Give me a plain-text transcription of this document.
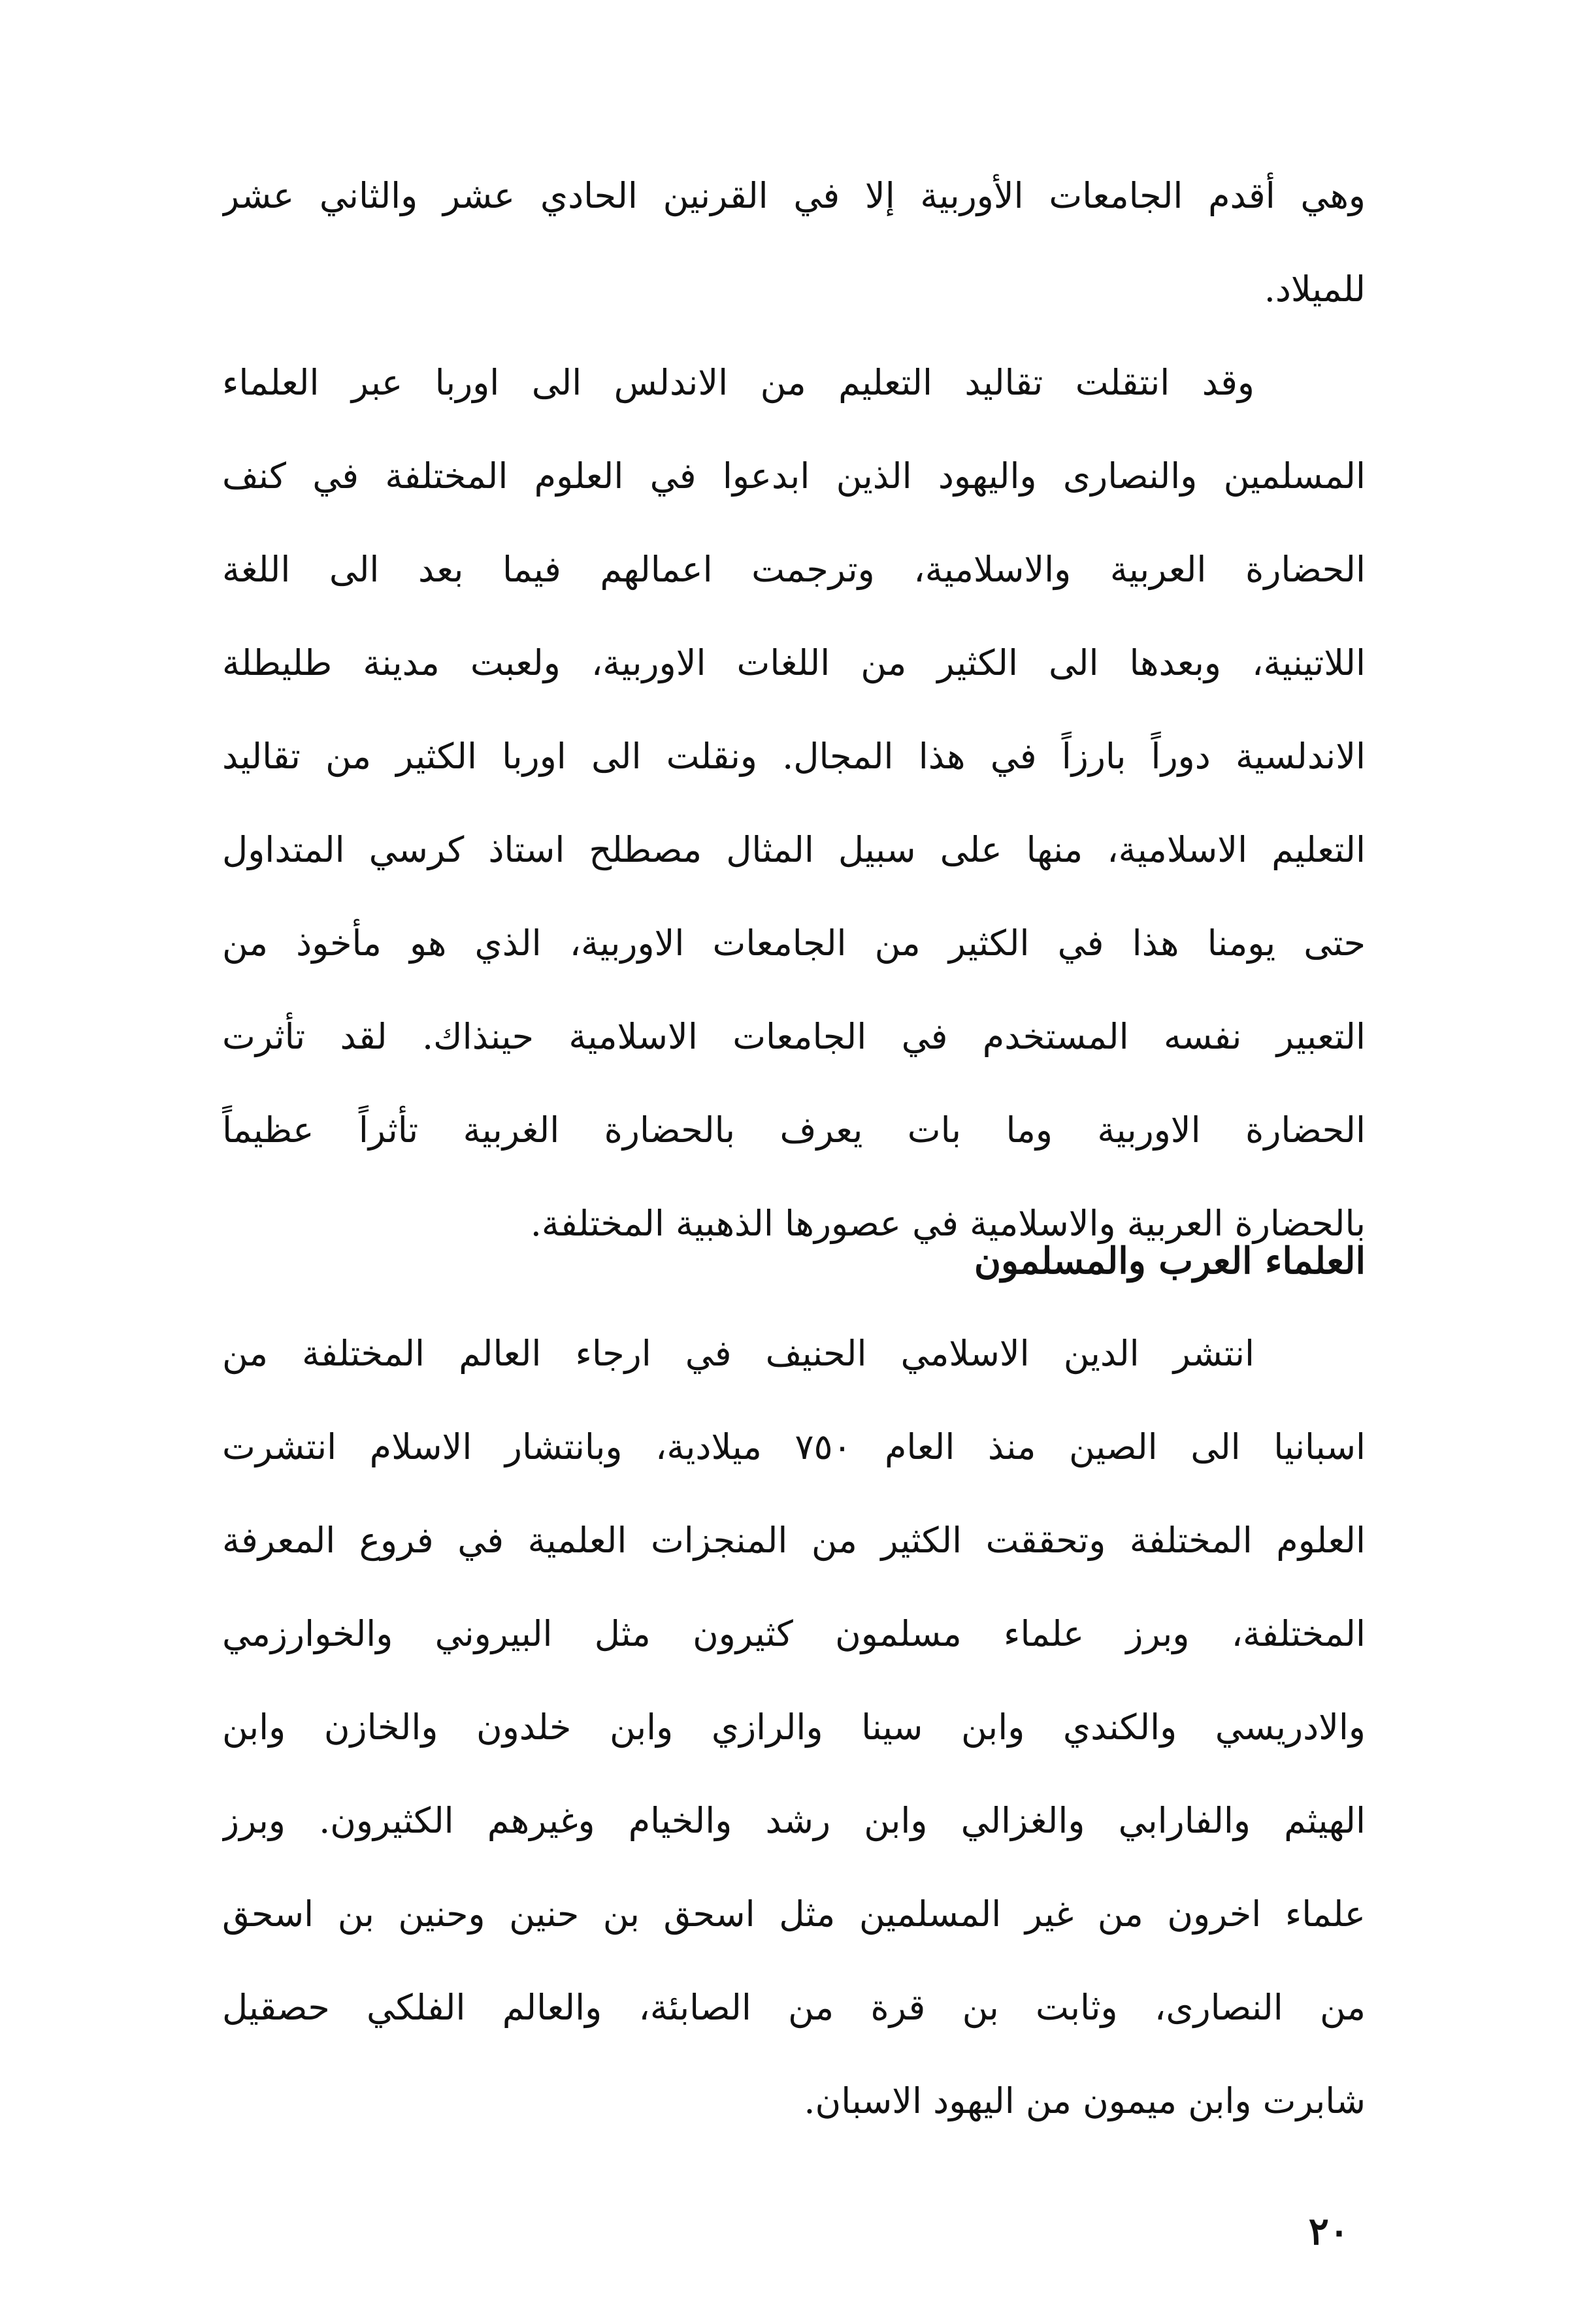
وهي أقدم الجامعات الأوربية إلا في القرنين الحادي عشر والثاني عشر
للميلاد.
وقد انتقلت تقاليد التعليم من الاندلس الى اوربا عبر العلماء
المسلمين والنصارى واليهود الذين ابدعوا في العلوم المختلفة في كنف
الحضارة العربية والاسلامية، وترجمت اعمالهم فيما بعد الى اللغة
اللاتينية، وبعدها الى الكثير من اللغات الاوربية، ولعبت مدينة طليطلة
الاندلسية دوراً بارزاً في هذا المجال. ونقلت الى اوربا الكثير من تقاليد
التعليم الاسلامية، منها على سبيل المثال مصطلح استاذ كرسي المتداول
حتى يومنا هذا في الكثير من الجامعات الاوربية، الذي هو مأخوذ من
التعبير نفسه المستخدم في الجامعات الاسلامية حينذاك. لقد تأثرت
الحضارة الاوربية وما بات يعرف بالحضارة الغربية تأثراً عظيماً
بالحضارة العربية والاسلامية في عصورها الذهبية المختلفة.
العلماء العرب والمسلمون
انتشر الدين الاسلامي الحنيف في ارجاء العالم المختلفة من
اسبانيا الى الصين منذ العام ٧٥٠ ميلادية، وبانتشار الاسلام انتشرت
العلوم المختلفة وتحققت الكثير من المنجزات العلمية في فروع المعرفة
المختلفة، وبرز علماء مسلمون كثيرون مثل البيروني والخوارزمي
والادريسي والكندي وابن سينا والرازي وابن خلدون والخازن وابن
الهيثم والفارابي والغزالي وابن رشد والخيام وغيرهم الكثيرون. وبرز
علماء اخرون من غير المسلمين مثل اسحق بن حنين وحنين بن اسحق
من النصارى، وثابت بن قرة من الصابئة، والعالم الفلكي حصقيل
شابرت وابن ميمون من اليهود الاسبان.
٢٠
